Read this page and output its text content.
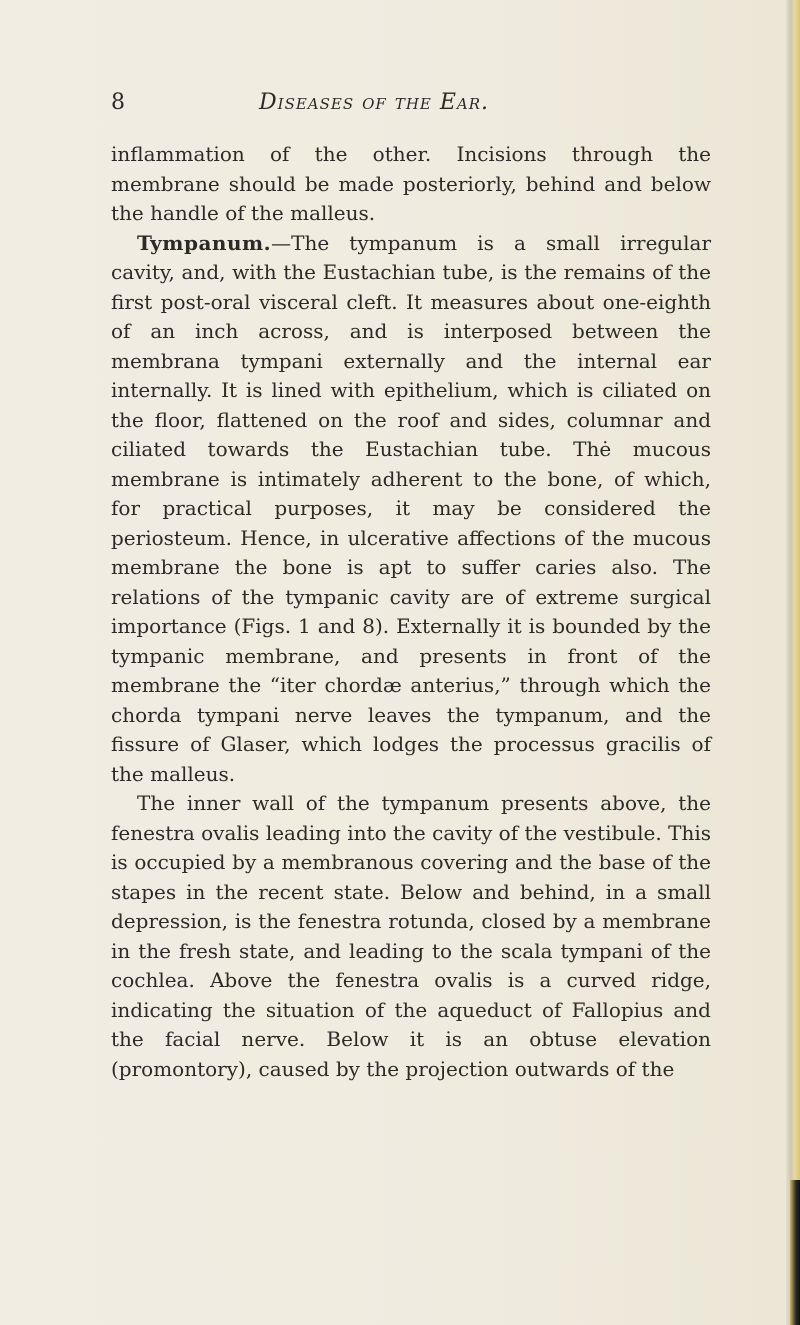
8	Diseases of the Ear.

inflammation of the other. Incisions through the membrane should be made posteriorly, behind and below the handle of the malleus.

Tympanum.—The tympanum is a small irregular cavity, and, with the Eustachian tube, is the remains of the first post-oral visceral cleft. It measures about one-eighth of an inch across, and is interposed between the membrana tympani externally and the internal ear internally. It is lined with epithelium, which is ciliated on the floor, flattened on the roof and sides, columnar and ciliated towards the Eustachian tube. Thė mucous membrane is intimately adherent to the bone, of which, for practical purposes, it may be considered the periosteum. Hence, in ulcerative affections of the mucous membrane the bone is apt to suffer caries also. The relations of the tympanic cavity are of extreme surgical importance (Figs. 1 and 8). Externally it is bounded by the tympanic membrane, and presents in front of the membrane the “iter chordæ anterius,” through which the chorda tympani nerve leaves the tympanum, and the fissure of Glaser, which lodges the processus gracilis of the malleus.

The inner wall of the tympanum presents above, the fenestra ovalis leading into the cavity of the vestibule. This is occupied by a membranous covering and the base of the stapes in the recent state. Below and behind, in a small depression, is the fenestra rotunda, closed by a membrane in the fresh state, and leading to the scala tympani of the cochlea. Above the fenestra ovalis is a curved ridge, indicating the situation of the aqueduct of Fallopius and the facial nerve. Below it is an obtuse elevation (promontory), caused by the projection outwards of the
